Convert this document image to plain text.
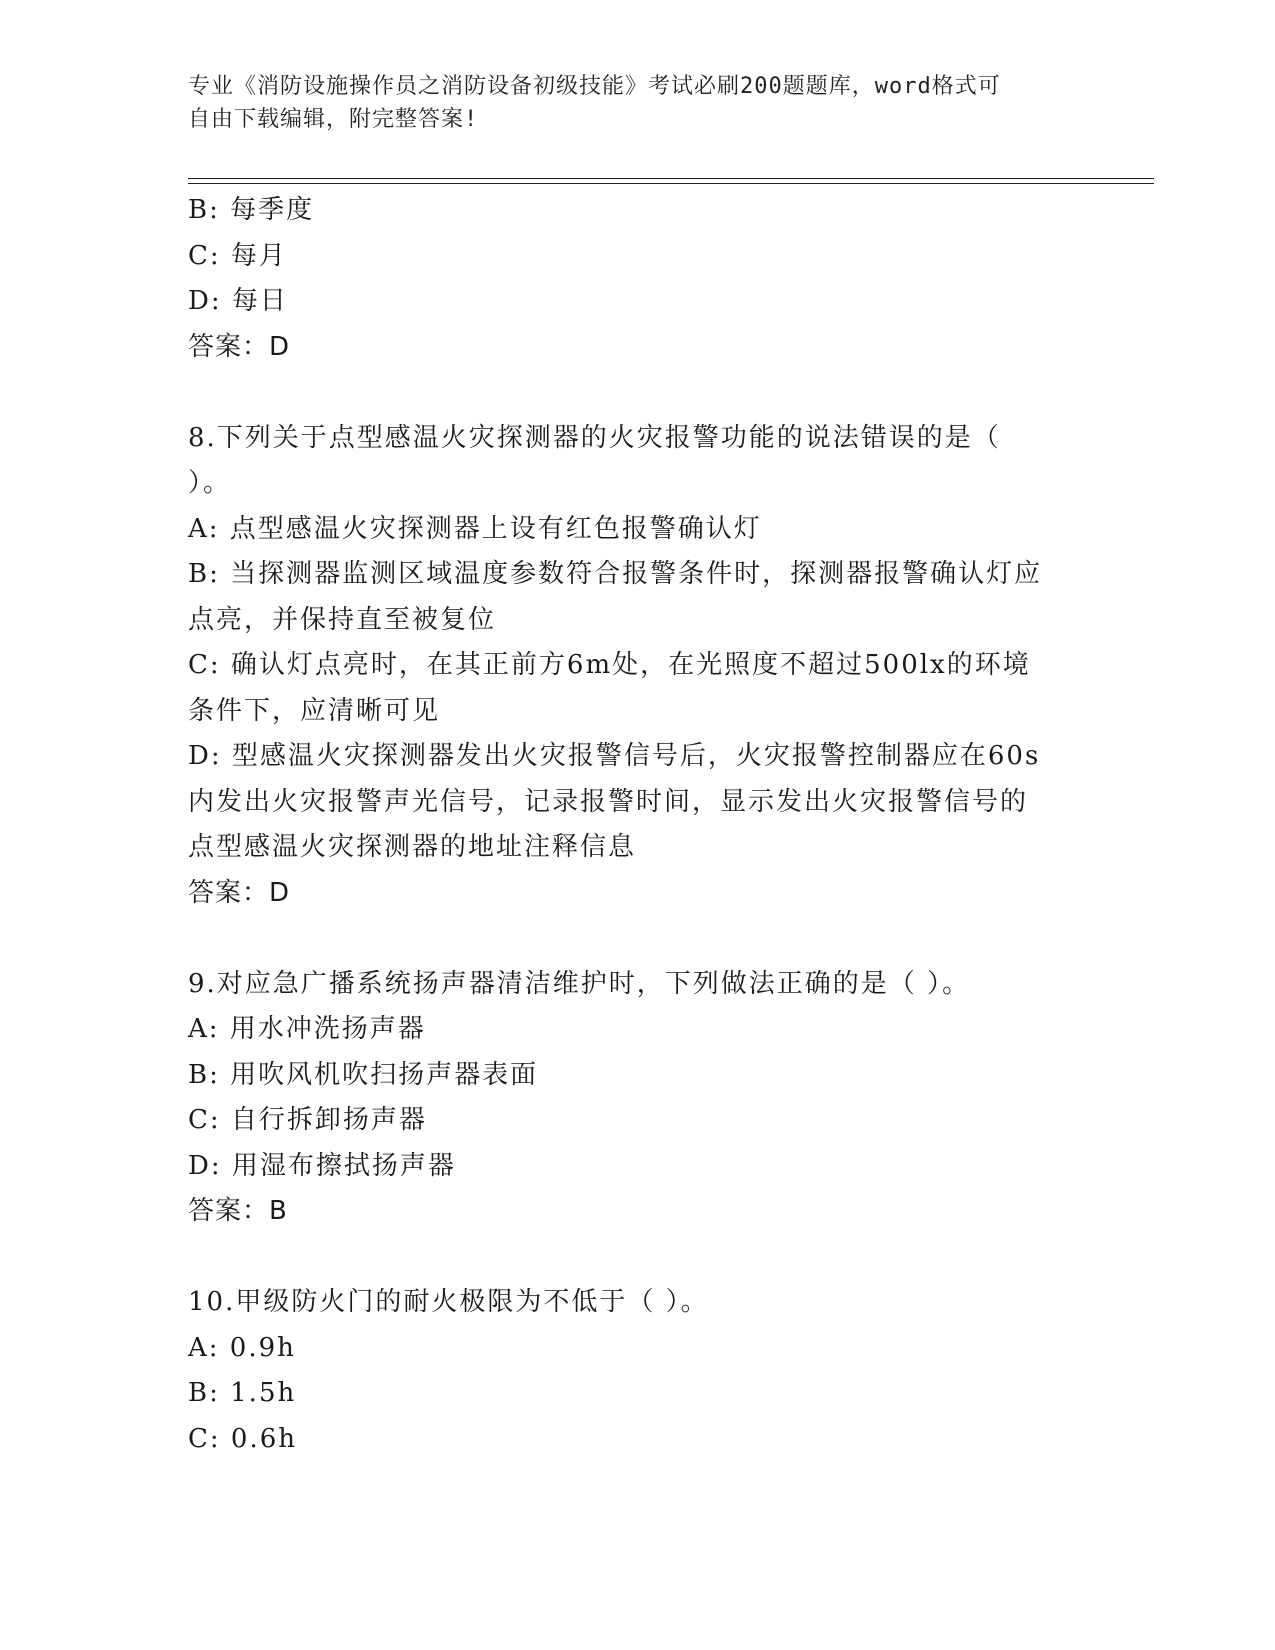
专业《消防设施操作员之消防设备初级技能》考试必刷200题题库，word格式可
自由下载编辑，附完整答案!
B: 每季度
C: 每月
D: 每日
答案：D
8.下列关于点型感温火灾探测器的火灾报警功能的说法错误的是（
）。
A: 点型感温火灾探测器上设有红色报警确认灯
B: 当探测器监测区域温度参数符合报警条件时，探测器报警确认灯应
点亮，并保持直至被复位
C: 确认灯点亮时，在其正前方6m处，在光照度不超过500lx的环境
条件下，应清晰可见
D: 型感温火灾探测器发出火灾报警信号后，火灾报警控制器应在60s
内发出火灾报警声光信号，记录报警时间，显示发出火灾报警信号的
点型感温火灾探测器的地址注释信息
答案：D
9.对应急广播系统扬声器清洁维护时，下列做法正确的是（ ）。
A: 用水冲洗扬声器
B: 用吹风机吹扫扬声器表面
C: 自行拆卸扬声器
D: 用湿布擦拭扬声器
答案：B
10.甲级防火门的耐火极限为不低于（ ）。
A: 0.9h
B: 1.5h
C: 0.6h
